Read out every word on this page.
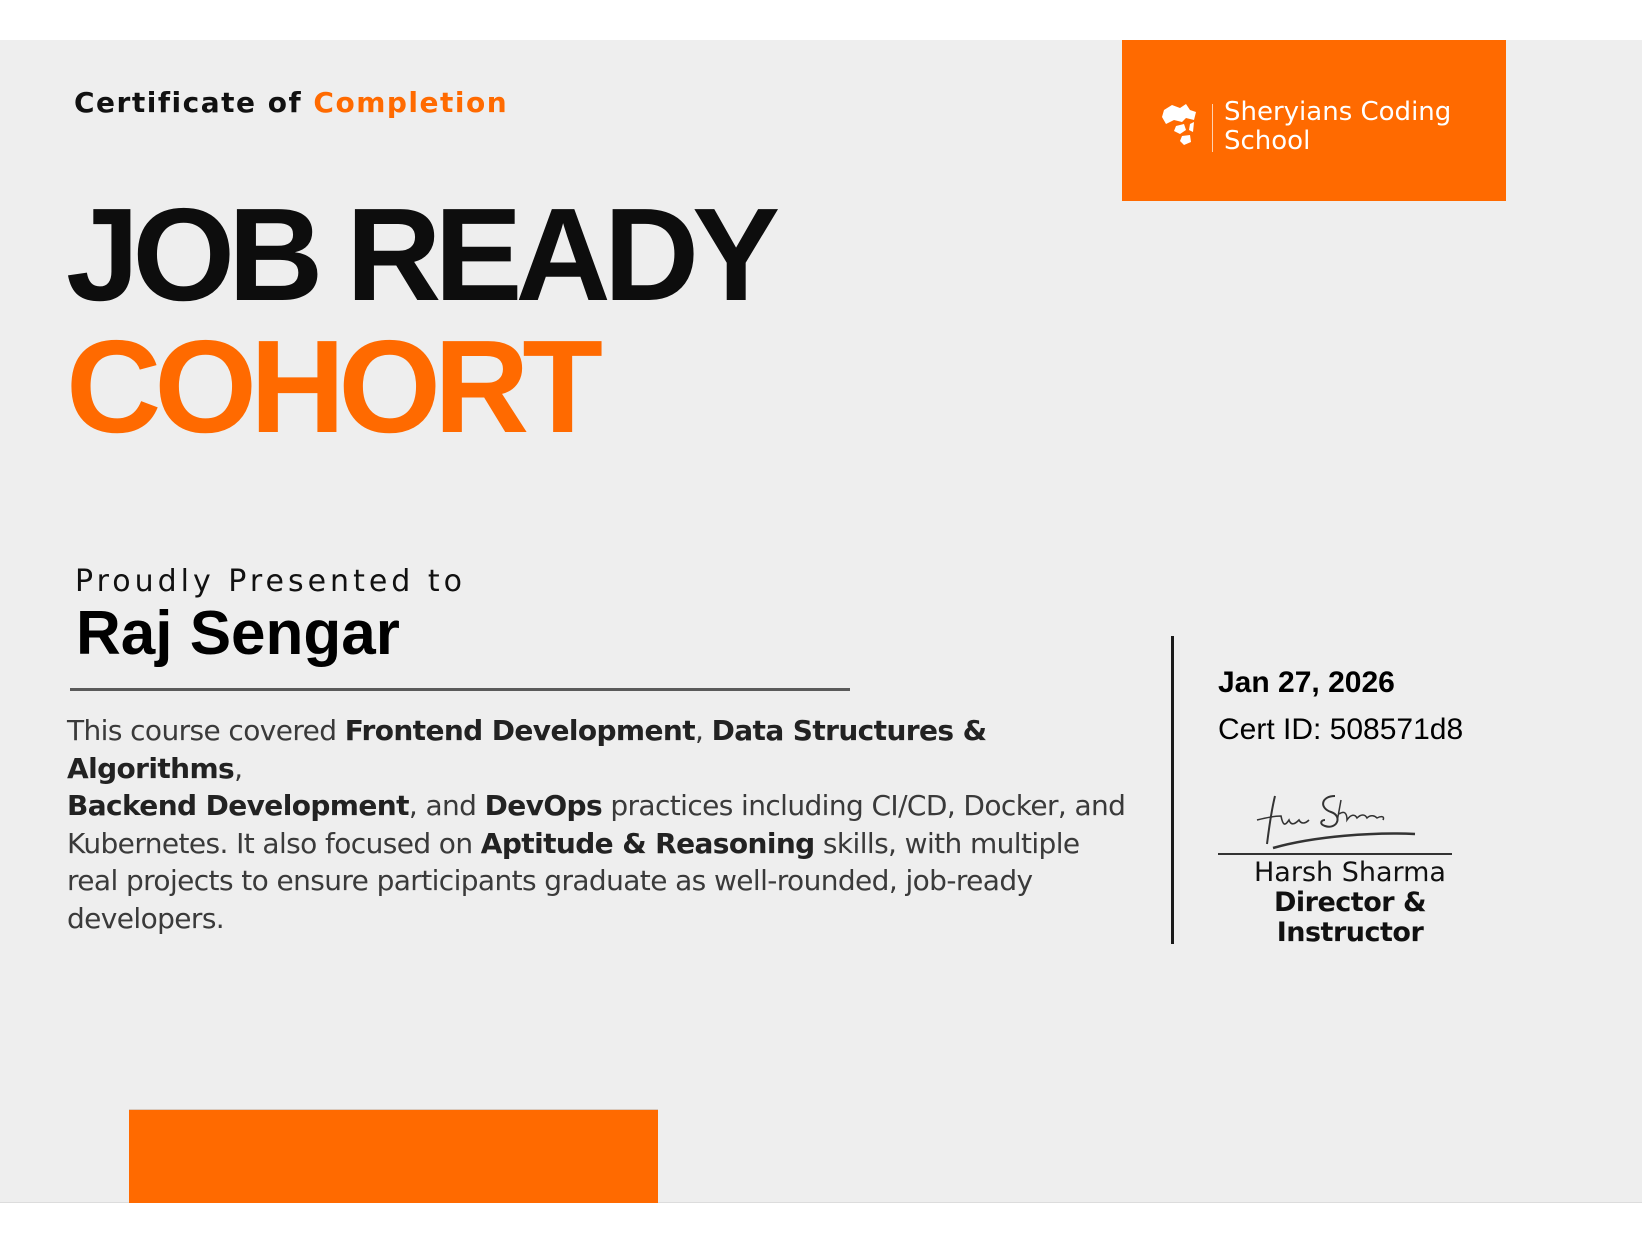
Certificate of Completion	Sheryians Coding
School
JOB READY
COHORT
Proudly Presented to
Raj Sengar
This course covered Frontend Development, Data Structures & Algorithms,
Backend Development, and DevOps practices including CI/CD, Docker, and Kubernetes. It also focused on Aptitude & Reasoning skills, with multiple real projects to ensure participants graduate as well-rounded, job-ready developers.
Jan 27, 2026
Cert ID: 508571d8
Harsh Sharma
Director & Instructor
